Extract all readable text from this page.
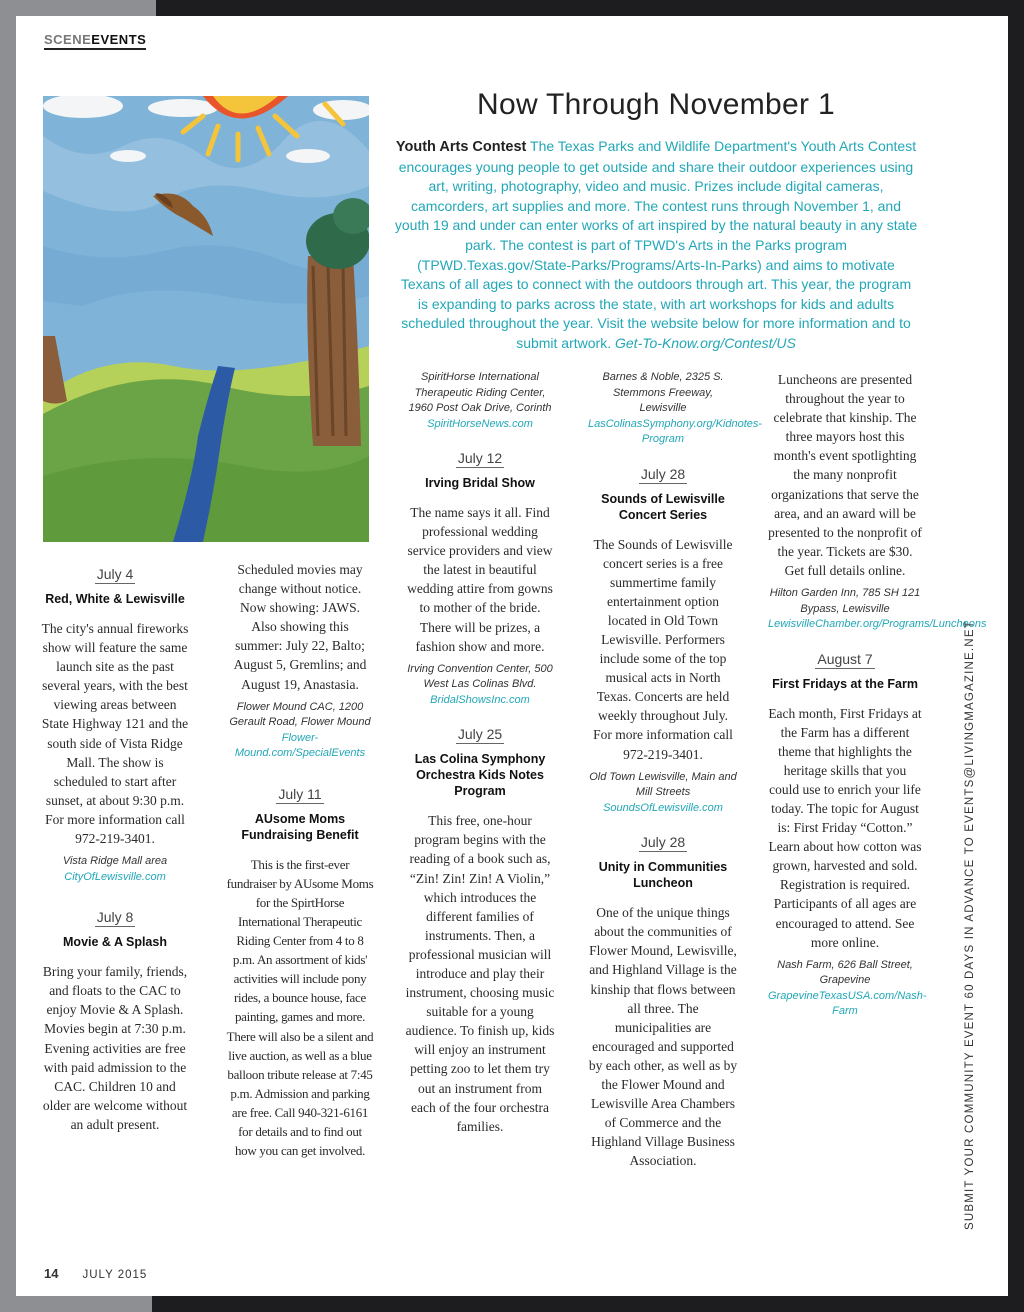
SCENEEVENTS
Now Through November 1
Youth Arts Contest The Texas Parks and Wildlife Department's Youth Arts Contest encourages young people to get outside and share their outdoor experiences using art, writing, photography, video and music. Prizes include digital cameras, camcorders, art supplies and more. The contest runs through November 1, and youth 19 and under can enter works of art inspired by the natural beauty in any state park. The contest is part of TPWD's Arts in the Parks program (TPWD.Texas.gov/State-Parks/Programs/Arts-In-Parks) and aims to motivate Texans of all ages to connect with the outdoors through art. This year, the program is expanding to parks across the state, with art workshops for kids and adults scheduled throughout the year. Visit the website below for more information and to submit artwork. Get-To-Know.org/Contest/US
July 4
Red, White & Lewisville
The city's annual fireworks show will feature the same launch site as the past several years, with the best viewing areas between State Highway 121 and the south side of Vista Ridge Mall. The show is scheduled to start after sunset, at about 9:30 p.m. For more information call 972-219-3401.
Vista Ridge Mall area
CityOfLewisville.com
July 8
Movie & A Splash
Bring your family, friends, and floats to the CAC to enjoy Movie & A Splash. Movies begin at 7:30 p.m. Evening activities are free with paid admission to the CAC. Children 10 and older are welcome without an adult present.
Scheduled movies may change without notice. Now showing: JAWS. Also showing this summer: July 22, Balto; August 5, Gremlins; and August 19, Anastasia.
Flower Mound CAC, 1200 Gerault Road, Flower Mound Flower-Mound.com/SpecialEvents
July 11
AUsome Moms Fundraising Benefit
This is the first-ever fundraiser by AUsome Moms for the SpirtHorse International Therapeutic Riding Center from 4 to 8 p.m. An assortment of kids' activities will include pony rides, a bounce house, face painting, games and more. There will also be a silent and live auction, as well as a blue balloon tribute release at 7:45 p.m. Admission and parking are free. Call 940-321-6161 for details and to find out how you can get involved.
SpiritHorse International Therapeutic Riding Center, 1960 Post Oak Drive, Corinth
SpiritHorseNews.com
July 12
Irving Bridal Show
The name says it all. Find professional wedding service providers and view the latest in beautiful wedding attire from gowns to mother of the bride. There will be prizes, a fashion show and more.
Irving Convention Center, 500 West Las Colinas Blvd.
BridalShowsInc.com
July 25
Las Colina Symphony Orchestra Kids Notes Program
This free, one-hour program begins with the reading of a book such as, “Zin! Zin! Zin! A Violin,” which introduces the different families of instruments. Then, a professional musician will introduce and play their instrument, choosing music suitable for a young audience. To finish up, kids will enjoy an instrument petting zoo to let them try out an instrument from each of the four orchestra families.
Barnes & Noble, 2325 S. Stemmons Freeway, Lewisville
LasColinasSymphony.org/Kidnotes-Program
July 28
Sounds of Lewisville Concert Series
The Sounds of Lewisville concert series is a free summertime family entertainment option located in Old Town Lewisville. Performers include some of the top musical acts in North Texas. Concerts are held weekly throughout July. For more information call 972-219-3401.
Old Town Lewisville, Main and Mill Streets
SoundsOfLewisville.com
July 28
Unity in Communities Luncheon
One of the unique things about the communities of Flower Mound, Lewisville, and Highland Village is the kinship that flows between all three. The municipalities are encouraged and supported by each other, as well as by the Flower Mound and Lewisville Area Chambers of Commerce and the Highland Village Business Association.
Luncheons are presented throughout the year to celebrate that kinship. The three mayors host this month's event spotlighting the many nonprofit organizations that serve the area, and an award will be presented to the nonprofit of the year. Tickets are $30. Get full details online.
Hilton Garden Inn, 785 SH 121 Bypass, Lewisville
LewisvilleChamber.org/Programs/Luncheons
August 7
First Fridays at the Farm
Each month, First Fridays at the Farm has a different theme that highlights the heritage skills that you could use to enrich your life today. The topic for August is: First Friday “Cotton.” Learn about how cotton was grown, harvested and sold. Registration is required. Participants of all ages are encouraged to attend. See more online.
Nash Farm, 626 Ball Street, Grapevine
GrapevineTexasUSA.com/Nash-Farm	SUBMIT YOUR COMMUNITY EVENT 60 DAYS IN ADVANCE TO EVENTS@LIVINGMAGAZINE.NET
14 JULY 2015
